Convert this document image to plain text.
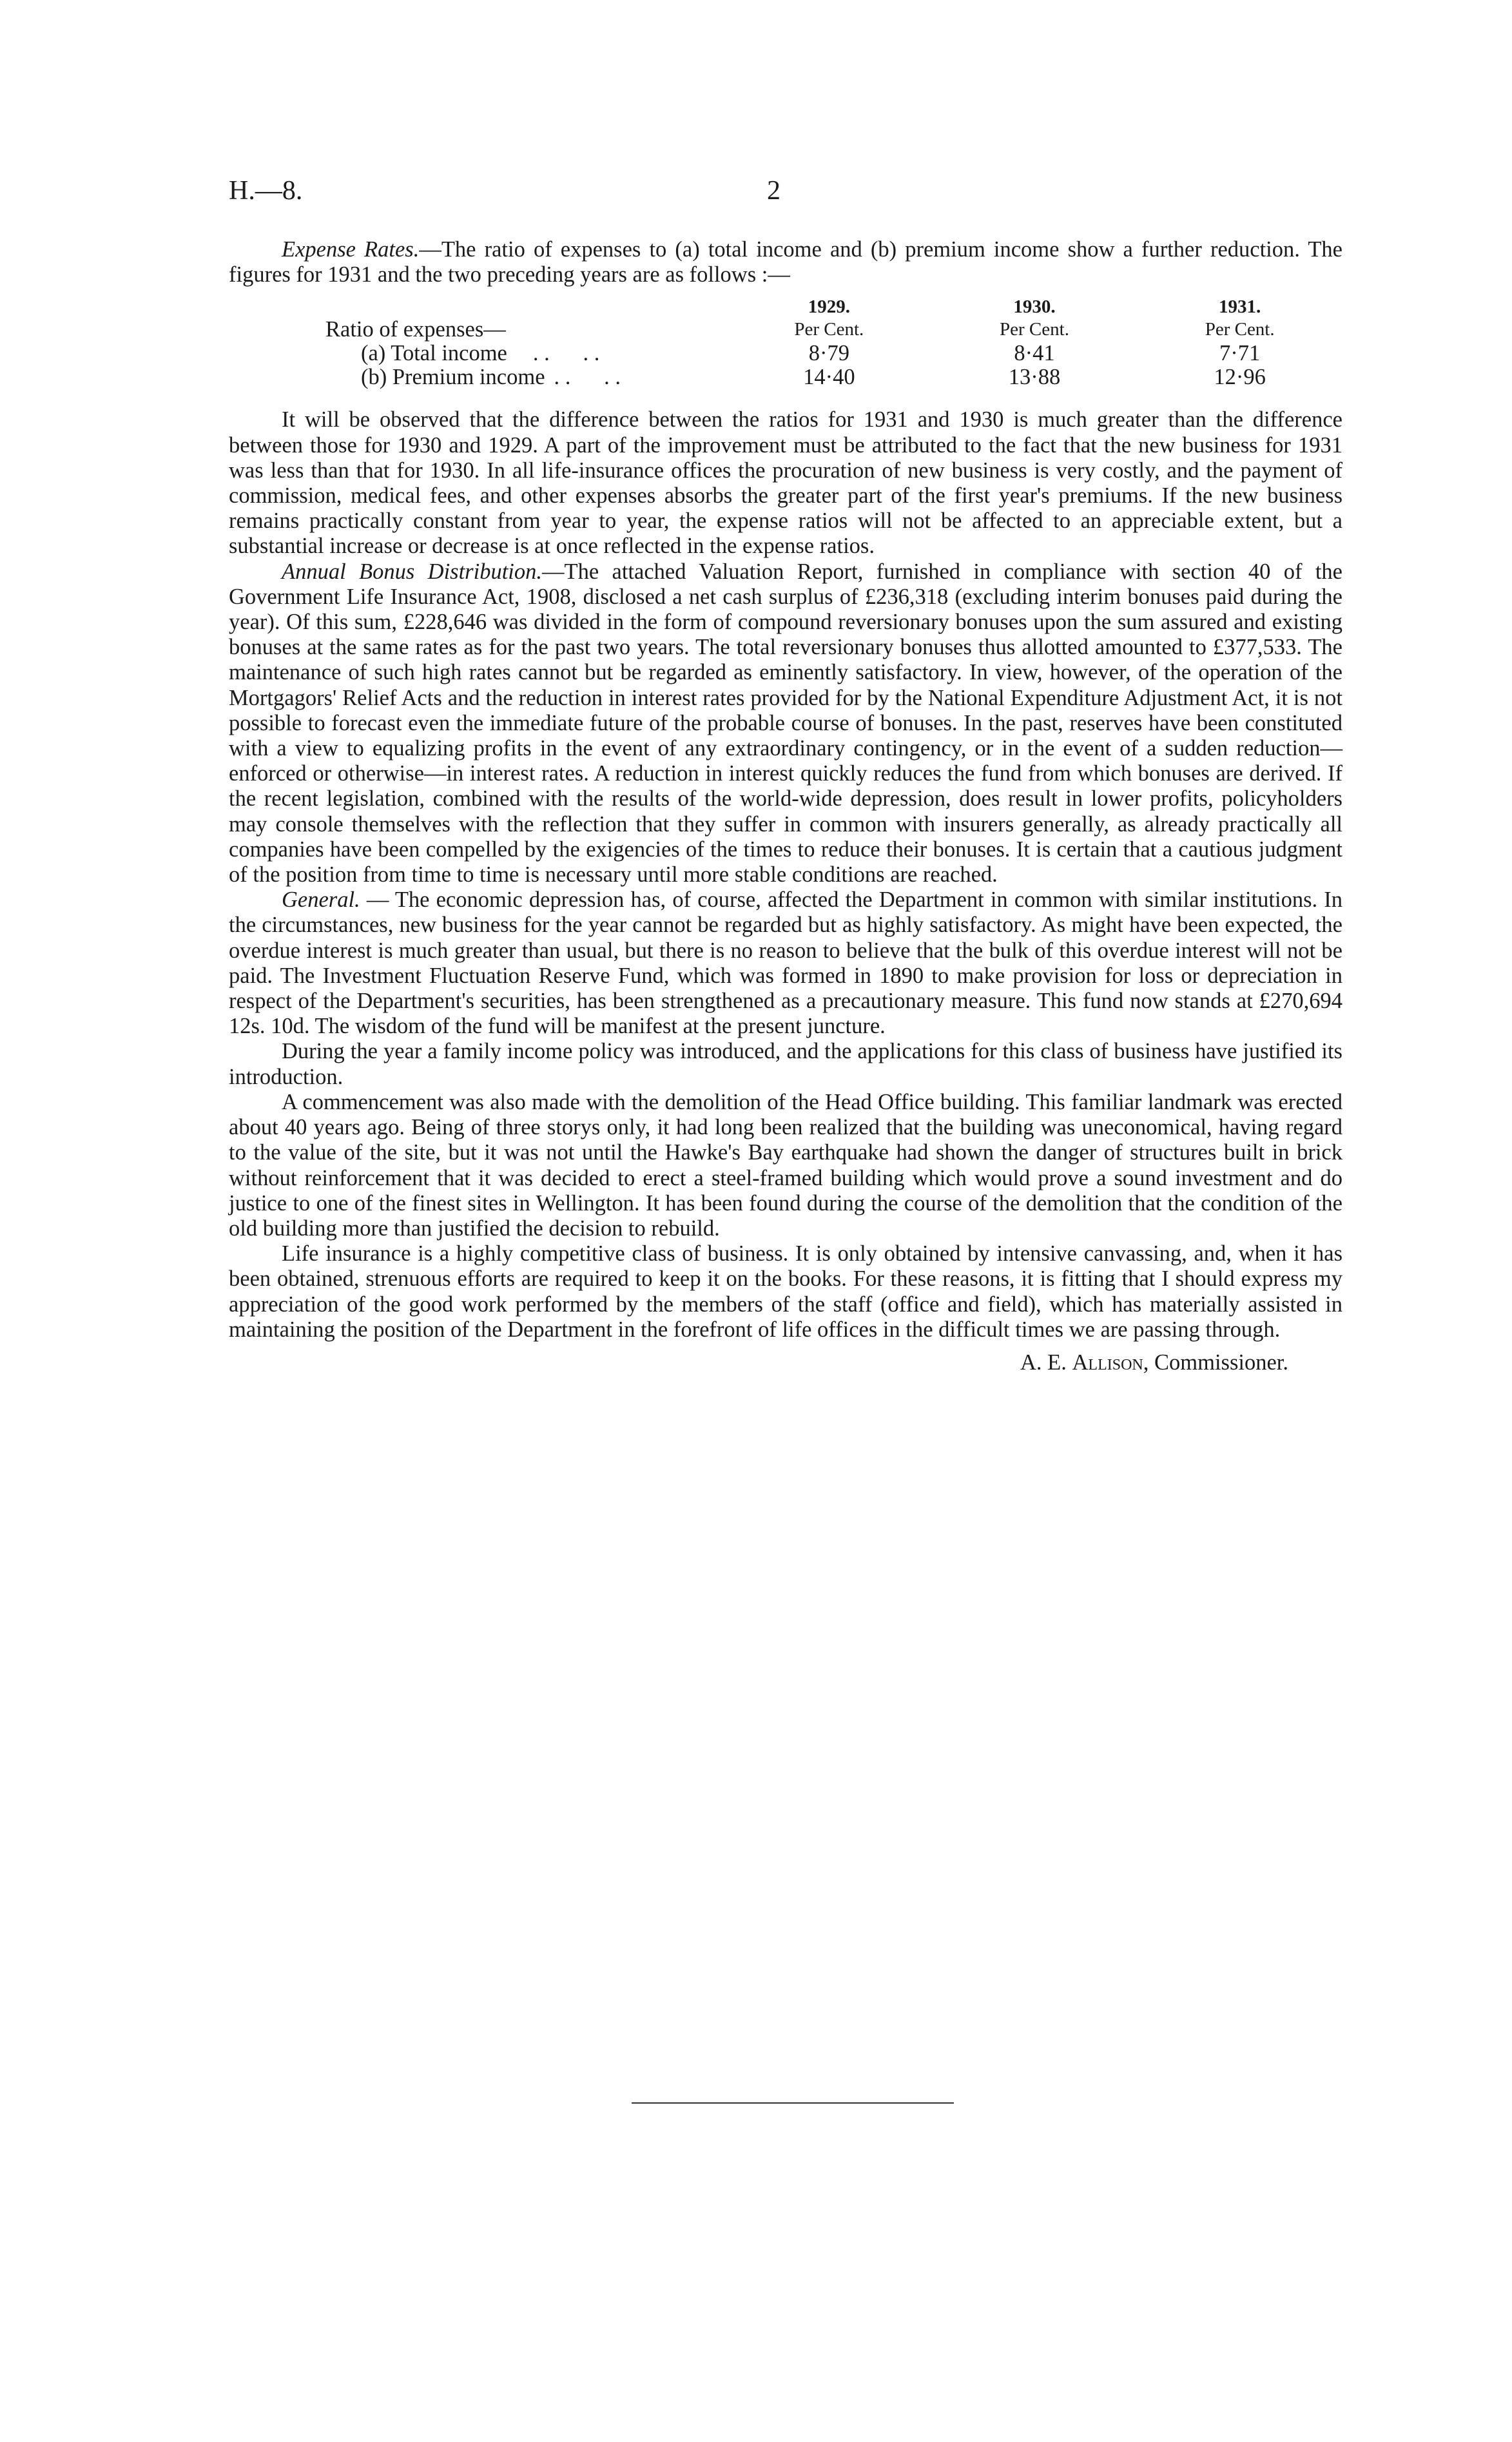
H.—8.	2

Expense Rates.—The ratio of expenses to (a) total income and (b) premium income show a further reduction. The figures for 1931 and the two preceding years are as follows :—

	1929.	1930.	1931.
Ratio of expenses—	Per Cent.	Per Cent.	Per Cent.
(a) Total income . .      . .	8·79	8·41	7·71
(b) Premium income . .      . .	14·40	13·88	12·96

It will be observed that the difference between the ratios for 1931 and 1930 is much greater than the difference between those for 1930 and 1929. A part of the improvement must be attributed to the fact that the new business for 1931 was less than that for 1930. In all life-insurance offices the procuration of new business is very costly, and the payment of commission, medical fees, and other expenses absorbs the greater part of the first year's premiums. If the new business remains practically constant from year to year, the expense ratios will not be affected to an appreciable extent, but a substantial increase or decrease is at once reflected in the expense ratios.

Annual Bonus Distribution.—The attached Valuation Report, furnished in compliance with section 40 of the Government Life Insurance Act, 1908, disclosed a net cash surplus of £236,318 (excluding interim bonuses paid during the year). Of this sum, £228,646 was divided in the form of compound reversionary bonuses upon the sum assured and existing bonuses at the same rates as for the past two years. The total reversionary bonuses thus allotted amounted to £377,533. The maintenance of such high rates cannot but be regarded as eminently satisfactory. In view, however, of the operation of the Mortgagors' Relief Acts and the reduction in interest rates provided for by the National Expenditure Adjustment Act, it is not possible to forecast even the immediate future of the probable course of bonuses. In the past, reserves have been constituted with a view to equalizing profits in the event of any extraordinary contingency, or in the event of a sudden reduction—enforced or otherwise—in interest rates. A reduction in interest quickly reduces the fund from which bonuses are derived. If the recent legislation, combined with the results of the world-wide depression, does result in lower profits, policyholders may console themselves with the reflection that they suffer in common with insurers generally, as already practically all companies have been compelled by the exigencies of the times to reduce their bonuses. It is certain that a cautious judgment of the position from time to time is necessary until more stable conditions are reached.

General. — The economic depression has, of course, affected the Department in common with similar institutions. In the circumstances, new business for the year cannot be regarded but as highly satisfactory. As might have been expected, the overdue interest is much greater than usual, but there is no reason to believe that the bulk of this overdue interest will not be paid. The Investment Fluctuation Reserve Fund, which was formed in 1890 to make provision for loss or depreciation in respect of the Department's securities, has been strengthened as a precautionary measure. This fund now stands at £270,694 12s. 10d. The wisdom of the fund will be manifest at the present juncture.

During the year a family income policy was introduced, and the applications for this class of business have justified its introduction.

A commencement was also made with the demolition of the Head Office building. This familiar landmark was erected about 40 years ago. Being of three storys only, it had long been realized that the building was uneconomical, having regard to the value of the site, but it was not until the Hawke's Bay earthquake had shown the danger of structures built in brick without reinforcement that it was decided to erect a steel-framed building which would prove a sound investment and do justice to one of the finest sites in Wellington. It has been found during the course of the demolition that the condition of the old building more than justified the decision to rebuild.

Life insurance is a highly competitive class of business. It is only obtained by intensive canvassing, and, when it has been obtained, strenuous efforts are required to keep it on the books. For these reasons, it is fitting that I should express my appreciation of the good work performed by the members of the staff (office and field), which has materially assisted in maintaining the position of the Department in the forefront of life offices in the difficult times we are passing through.

A. E. Allison, Commissioner.
